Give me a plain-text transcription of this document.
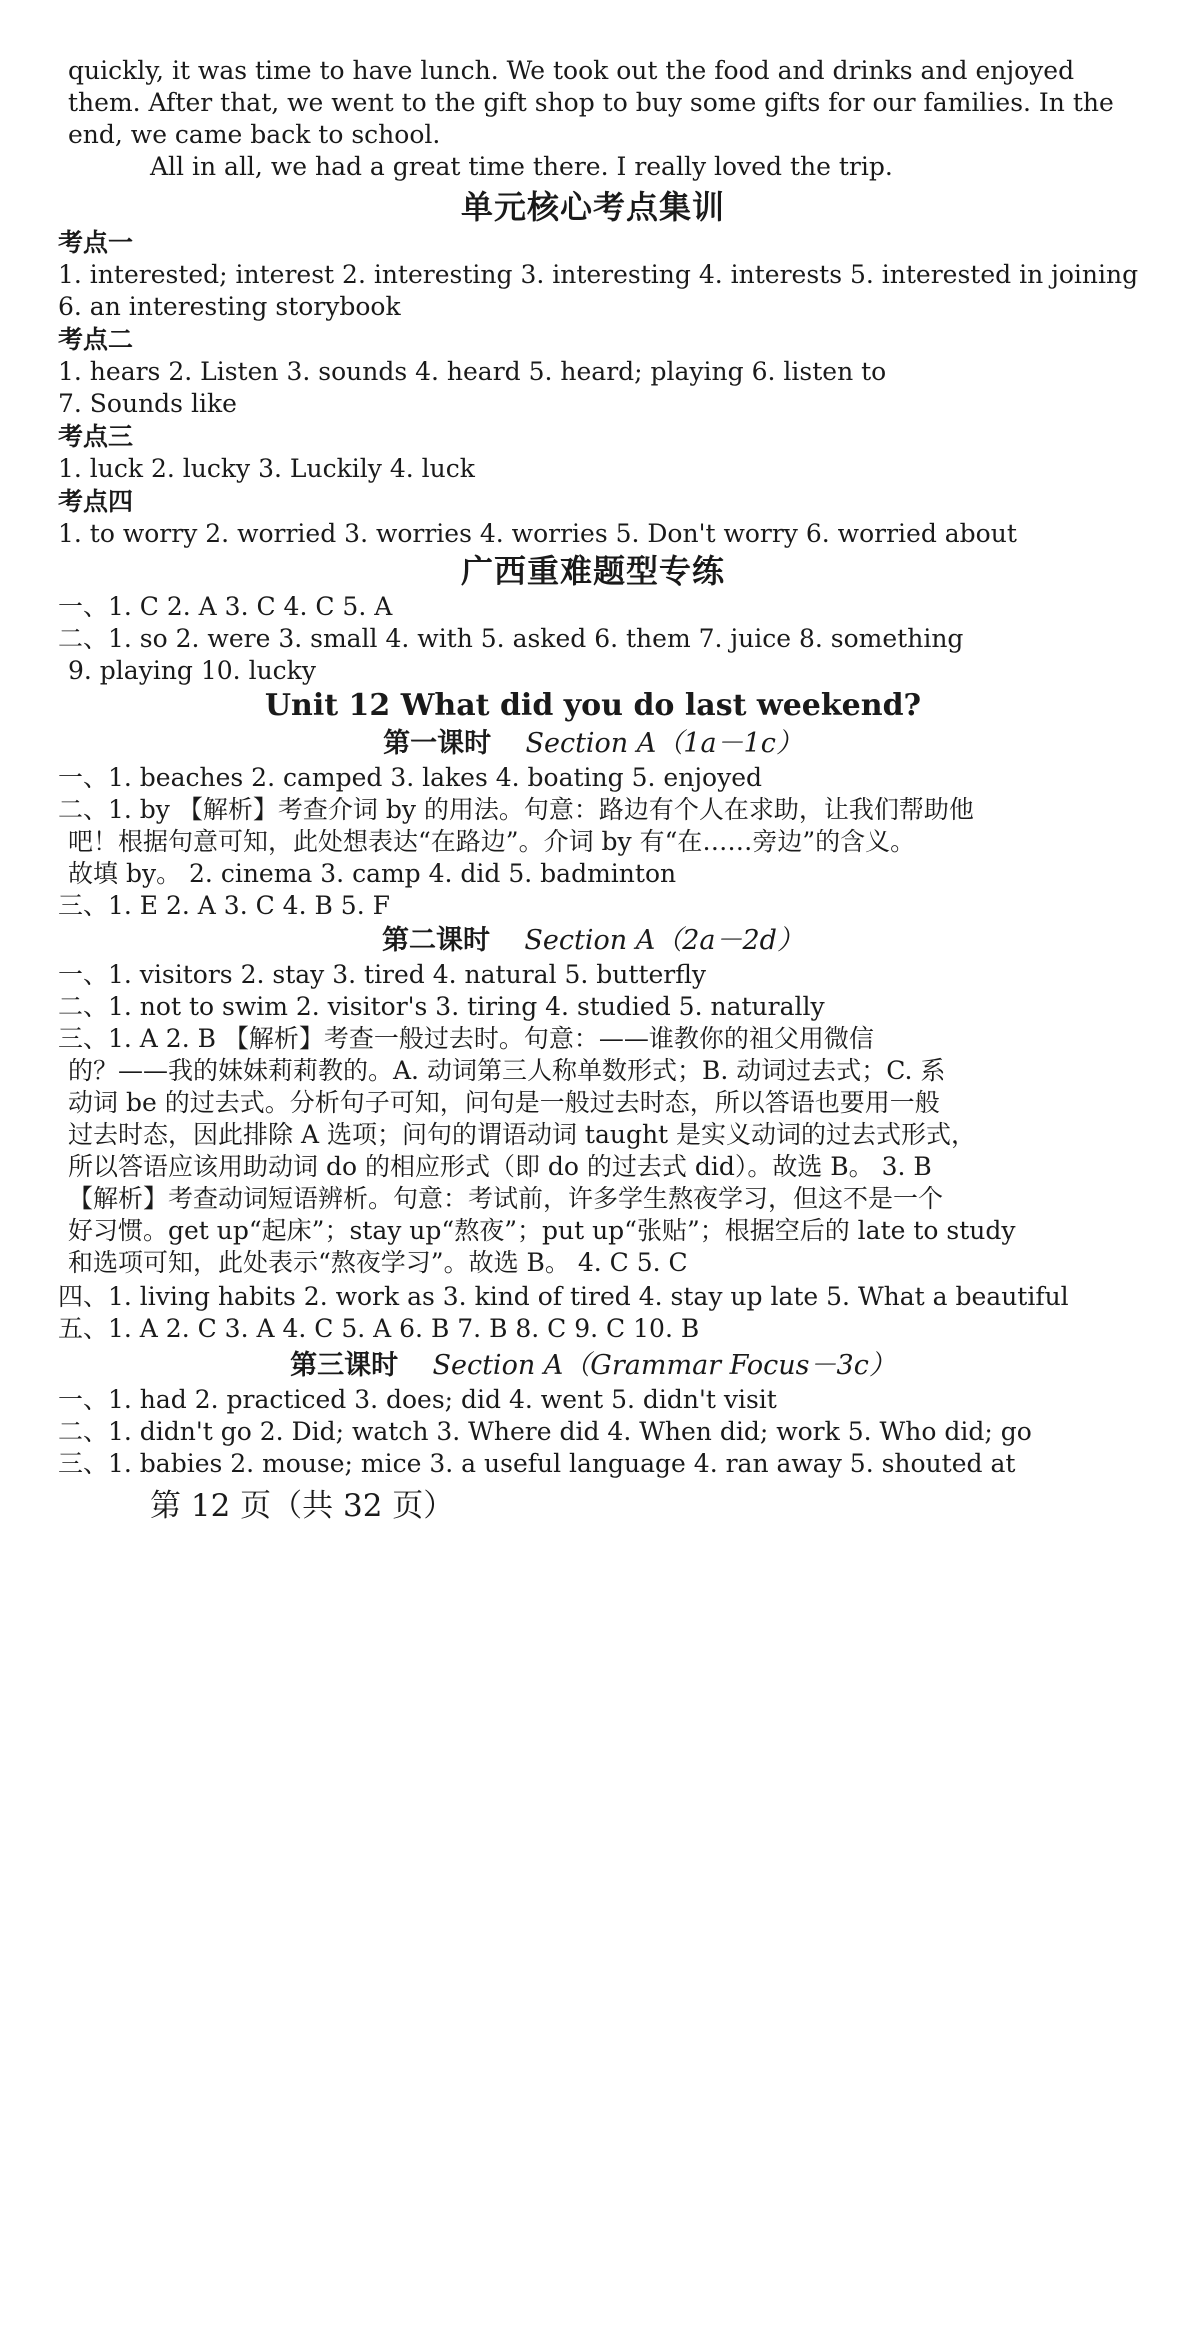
quickly, it was time to have lunch. We took out the food and drinks and enjoyed
them. After that, we went to the gift shop to buy some gifts for our families. In the
end, we came back to school.
All in all, we had a great time there. I really loved the trip.
单元核心考点集训
考点一
1. interested; interest 2. interesting 3. interesting 4. interests 5. interested in joining
6. an interesting storybook
考点二
1. hears 2. Listen 3. sounds 4. heard 5. heard; playing 6. listen to
7. Sounds like
考点三
1. luck 2. lucky 3. Luckily 4. luck
考点四
1. to worry 2. worried 3. worries 4. worries 5. Don't worry 6. worried about
广西重难题型专练
一、1. C 2. A 3. C 4. C 5. A
二、1. so 2. were 3. small 4. with 5. asked 6. them 7. juice 8. something
9. playing 10. lucky
Unit 12 What did you do last weekend?
第一课时 Section A（1a－1c）
一、1. beaches 2. camped 3. lakes 4. boating 5. enjoyed
二、1. by 【解析】考查介词 by 的用法。句意：路边有个人在求助，让我们帮助他
吧！根据句意可知，此处想表达“在路边”。介词 by 有“在……旁边”的含义。
故填 by。 2. cinema 3. camp 4. did 5. badminton
三、1. E 2. A 3. C 4. B 5. F
第二课时 Section A（2a－2d）
一、1. visitors 2. stay 3. tired 4. natural 5. butterfly
二、1. not to swim 2. visitor's 3. tiring 4. studied 5. naturally
三、1. A 2. B 【解析】考查一般过去时。句意：——谁教你的祖父用微信
的？——我的妹妹莉莉教的。A. 动词第三人称单数形式；B. 动词过去式；C. 系
动词 be 的过去式。分析句子可知，问句是一般过去时态，所以答语也要用一般
过去时态，因此排除 A 选项；问句的谓语动词 taught 是实义动词的过去式形式，
所以答语应该用助动词 do 的相应形式（即 do 的过去式 did）。故选 B。 3. B
【解析】考查动词短语辨析。句意：考试前，许多学生熬夜学习，但这不是一个
好习惯。get up“起床”；stay up“熬夜”；put up“张贴”；根据空后的 late to study
和选项可知，此处表示“熬夜学习”。故选 B。 4. C 5. C
四、1. living habits 2. work as 3. kind of tired 4. stay up late 5. What a beautiful
五、1. A 2. C 3. A 4. C 5. A 6. B 7. B 8. C 9. C 10. B
第三课时 Section A（Grammar Focus－3c）
一、1. had 2. practiced 3. does; did 4. went 5. didn't visit
二、1. didn't go 2. Did; watch 3. Where did 4. When did; work 5. Who did; go
三、1. babies 2. mouse; mice 3. a useful language 4. ran away 5. shouted at
第 12 页（共 32 页）
